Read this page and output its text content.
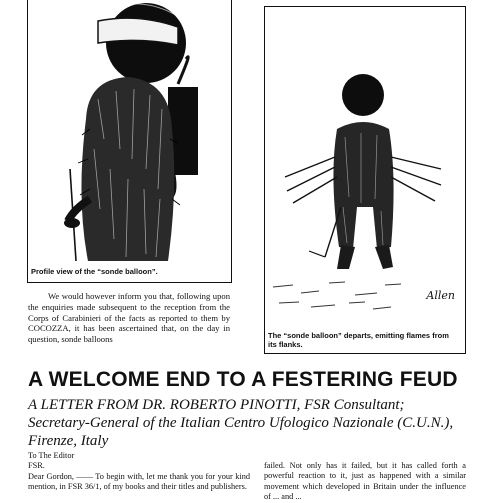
Profile view of the “sonde balloon”.
We would however inform you that, following upon the enquiries made subsequent to the reception from the Corps of Carabinieri of the facts as reported to them by COCOZZA, it has been ascertained that, on the day in question, sonde balloons
Allen
The “sonde balloon” departs, emitting flames from its flanks.
A WELCOME END TO A FESTERING FEUD
A LETTER FROM DR. ROBERTO PINOTTI, FSR Consultant; Secretary-General of the Italian Centro Ufologico Nazionale (C.U.N.), Firenze, Italy
To The Editor
FSR.
Dear Gordon, —— To begin with, let me thank you for your kind mention, in FSR 36/1, of my books and their titles and publishers.
failed. Not only has it failed, but it has called forth a powerful reaction to it, just as happened with a similar movement which developed in Britain under the influence of ... and ...
